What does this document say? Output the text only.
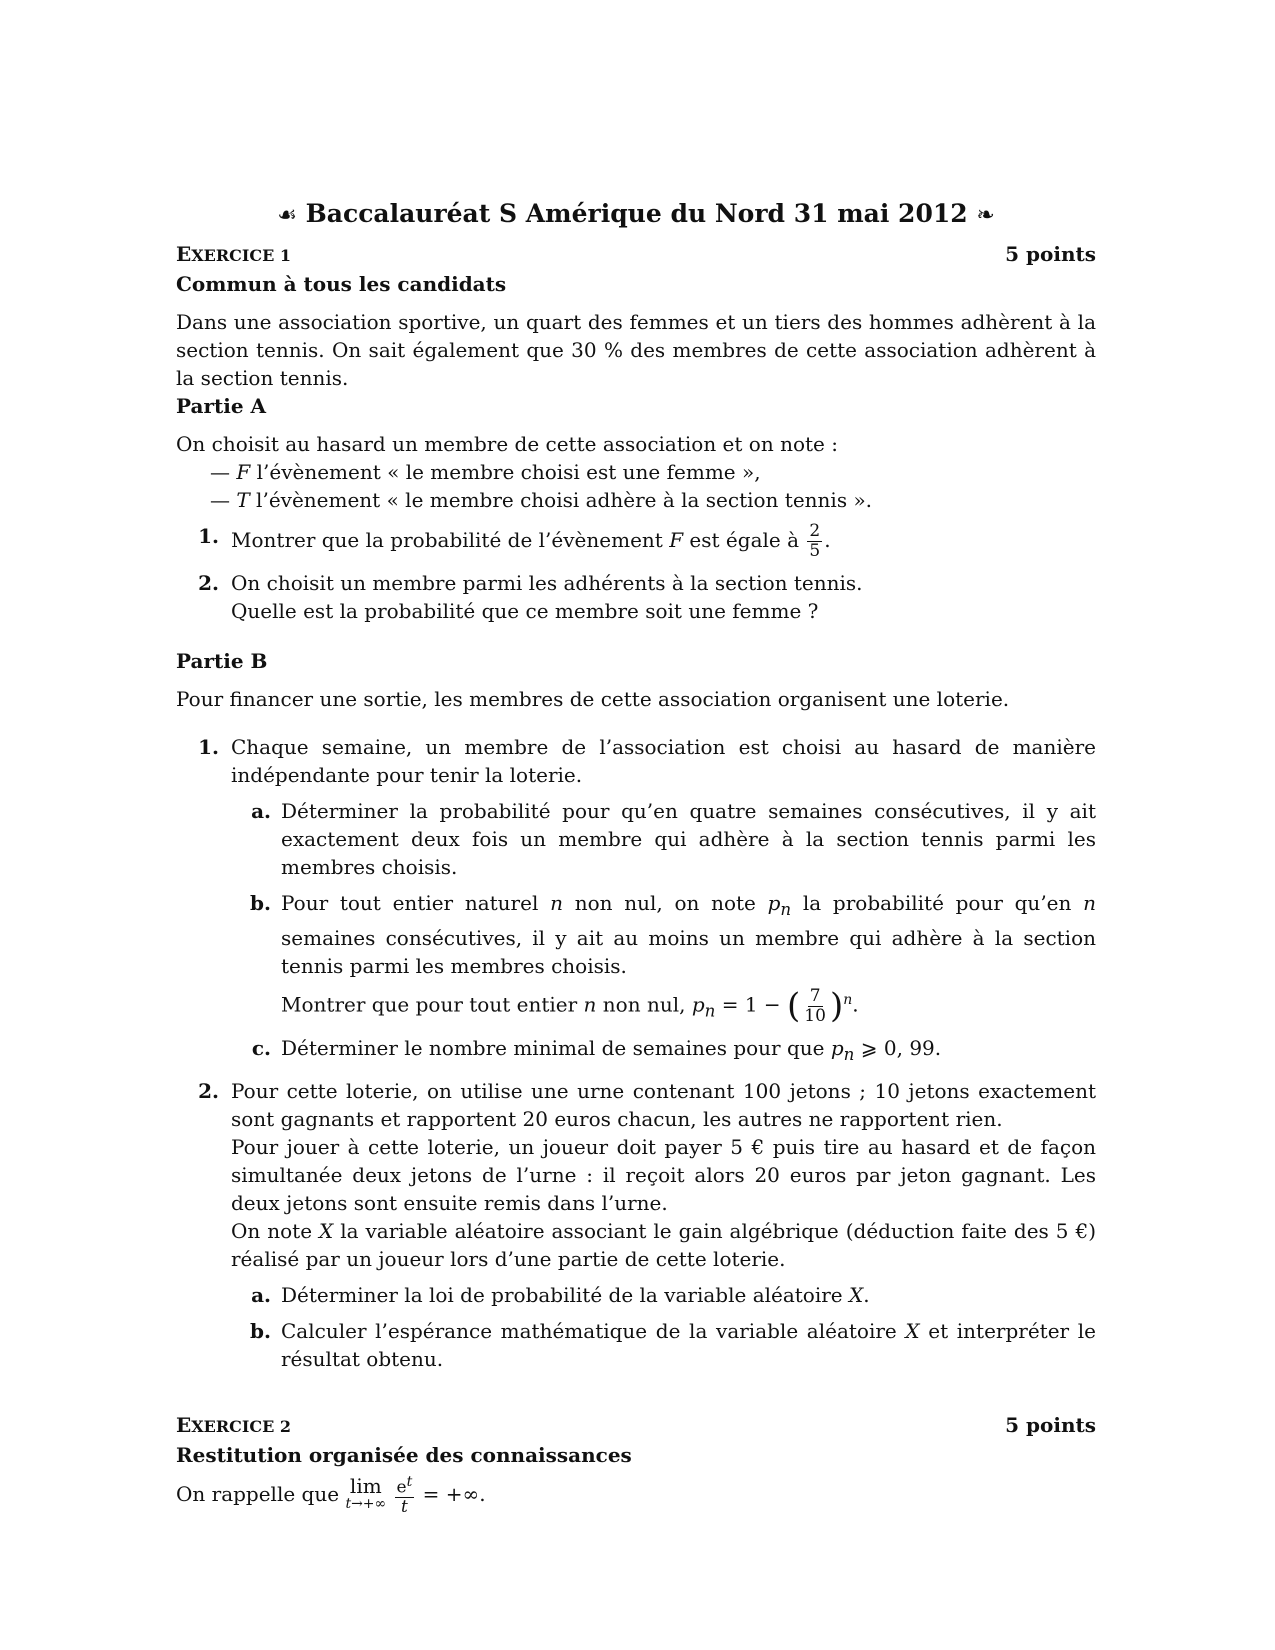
☙ Baccalauréat S Amérique du Nord 31 mai 2012 ❧
EXERCICE 1	5 points

Commun à tous les candidats

Dans une association sportive, un quart des femmes et un tiers des hommes adhèrent à la section tennis. On sait également que 30 % des membres de cette association adhèrent à la section tennis.

Partie A

On choisit au hasard un membre de cette association et on note :

— F l’évènement « le membre choisi est une femme »,
— T l’évènement « le membre choisi adhère à la section tennis ».
1. Montrer que la probabilité de l’évènement F est égale à $\frac{2}{5}$ .
2. On choisit un membre parmi les adhérents à la section tennis.
Quelle est la probabilité que ce membre soit une femme ?

Partie B

Pour financer une sortie, les membres de cette association organisent une loterie.

1. Chaque semaine, un membre de l’association est choisi au hasard de manière indépendante pour tenir la loterie.
a. Déterminer la probabilité pour qu’en quatre semaines consécutives, il y ait exactement deux fois un membre qui adhère à la section tennis parmi les membres choisis.
b. Pour tout entier naturel n non nul, on note $p_n$ la probabilité pour qu’en n semaines consécutives, il y ait au moins un membre qui adhère à la section tennis parmi les membres choisis.
Montrer que pour tout entier n non nul, $p_n = 1$ − ( $\frac{7}{10} )^n$.
c. Déterminer le nombre minimal de semaines pour que $p_n$ ⩾ 0, 99.
2. Pour cette loterie, on utilise une urne contenant 100 jetons ; 10 jetons exactement sont gagnants et rapportent 20 euros chacun, les autres ne rapportent rien.

Pour jouer à cette loterie, un joueur doit payer 5 € puis tire au hasard et de façon simultanée deux jetons de l’urne : il reçoit alors 20 euros par jeton gagnant. Les deux jetons sont ensuite remis dans l’urne.

On note X la variable aléatoire associant le gain algébrique (déduction faite des 5 €) réalisé par un joueur lors d’une partie de cette loterie.

a. Déterminer la loi de probabilité de la variable aléatoire X.
b. Calculer l’espérance mathématique de la variable aléatoire X et interpréter le résultat obtenu.
EXERCICE 2	5 points

Restitution organisée des connaissances

On rappelle que lim
t→+∞
$\frac{e^t}{t}$ = +∞.
